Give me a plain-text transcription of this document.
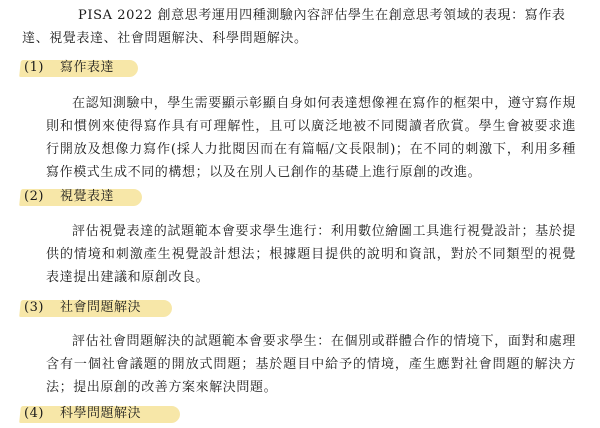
PISA 2022 創意思考運用四種測驗內容評估學生在創意思考領域的表現：寫作表達、視覺表達、社會問題解決、科學問題解決。

(1) 寫作表達

在認知測驗中，學生需要顯示彰顯自身如何表達想像裡在寫作的框架中，遵守寫作規則和慣例來使得寫作具有可理解性，且可以廣泛地被不同閱讀者欣賞。學生會被要求進行開放及想像力寫作(採人力批閱因而在有篇幅/文長限制)；在不同的刺激下，利用多種寫作模式生成不同的構想；以及在別人已創作的基礎上進行原創的改進。

(2) 視覺表達

評估視覺表達的試題範本會要求學生進行：利用數位繪圖工具進行視覺設計；基於提供的情境和刺激產生視覺設計想法；根據題目提供的說明和資訊，對於不同類型的視覺表達提出建議和原創改良。

(3) 社會問題解決

評估社會問題解決的試題範本會要求學生：在個別或群體合作的情境下，面對和處理含有一個社會議題的開放式問題；基於題目中給予的情境，產生應對社會問題的解決方法；提出原創的改善方案來解決問題。

(4) 科學問題解決
